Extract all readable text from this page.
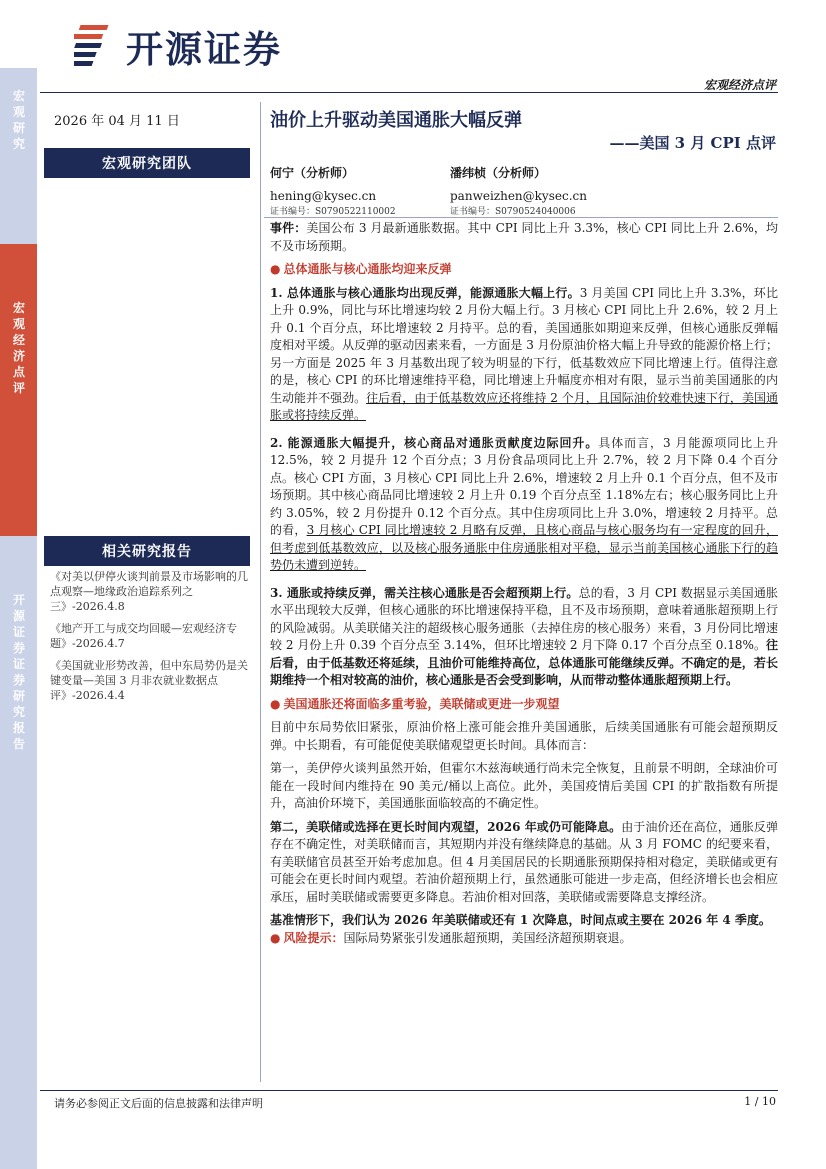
宏观研究
宏观经济点评
开源证券 证券研究报告
开源证券
宏观经济点评
2026 年 04 月 11 日
宏观研究团队
相关研究报告
《对美以伊停火谈判前景及市场影响的几点观察—地缘政治追踪系列之三》-2026.4.8
《地产开工与成交均回暖—宏观经济专题》-2026.4.7
《美国就业形势改善，但中东局势仍是关键变量—美国 3 月非农就业数据点评》-2026.4.4
油价上升驱动美国通胀大幅反弹
——美国 3 月 CPI 点评
何宁（分析师）
hening@kysec.cn
证书编号：S0790522110002
潘纬桢（分析师）
panweizhen@kysec.cn
证书编号：S0790524040006

事件：美国公布 3 月最新通胀数据。其中 CPI 同比上升 3.3%，核心 CPI 同比上升 2.6%，均不及市场预期。

● 总体通胀与核心通胀均迎来反弹

1. 总体通胀与核心通胀均出现反弹，能源通胀大幅上行。3 月美国 CPI 同比上升 3.3%，环比上升 0.9%，同比与环比增速均较 2 月份大幅上行。3 月核心 CPI 同比上升 2.6%，较 2 月上升 0.1 个百分点，环比增速较 2 月持平。总的看，美国通胀如期迎来反弹，但核心通胀反弹幅度相对平缓。从反弹的驱动因素来看，一方面是 3 月份原油价格大幅上升导致的能源价格上行；另一方面是 2025 年 3 月基数出现了较为明显的下行，低基数效应下同比增速上行。值得注意的是，核心 CPI 的环比增速维持平稳，同比增速上升幅度亦相对有限，显示当前美国通胀的内生动能并不强劲。往后看，由于低基数效应还将维持 2 个月，且国际油价较难快速下行，美国通胀或将持续反弹。

2. 能源通胀大幅提升，核心商品对通胀贡献度边际回升。具体而言，3 月能源项同比上升 12.5%，较 2 月提升 12 个百分点；3 月份食品项同比上升 2.7%，较 2 月下降 0.4 个百分点。核心 CPI 方面，3 月核心 CPI 同比上升 2.6%，增速较 2 月上升 0.1 个百分点，但不及市场预期。其中核心商品同比增速较 2 月上升 0.19 个百分点至 1.18%左右；核心服务同比上升约 3.05%，较 2 月份提升 0.12 个百分点。其中住房项同比上升 3.0%，增速较 2 月持平。总的看，3 月核心 CPI 同比增速较 2 月略有反弹，且核心商品与核心服务均有一定程度的回升，但考虑到低基数效应，以及核心服务通胀中住房通胀相对平稳，显示当前美国核心通胀下行的趋势仍未遭到逆转。

3. 通胀或持续反弹，需关注核心通胀是否会超预期上行。总的看，3 月 CPI 数据显示美国通胀水平出现较大反弹，但核心通胀的环比增速保持平稳，且不及市场预期，意味着通胀超预期上行的风险减弱。从美联储关注的超级核心服务通胀（去掉住房的核心服务）来看，3 月份同比增速较 2 月份上升 0.39 个百分点至 3.14%，但环比增速较 2 月下降 0.17 个百分点至 0.18%。往后看，由于低基数还将延续，且油价可能维持高位，总体通胀可能继续反弹。不确定的是，若长期维持一个相对较高的油价，核心通胀是否会受到影响，从而带动整体通胀超预期上行。

● 美国通胀还将面临多重考验，美联储或更进一步观望

目前中东局势依旧紧张，原油价格上涨可能会推升美国通胀，后续美国通胀有可能会超预期反弹。中长期看，有可能促使美联储观望更长时间。具体而言：

第一，美伊停火谈判虽然开始，但霍尔木兹海峡通行尚未完全恢复，且前景不明朗，全球油价可能在一段时间内维持在 90 美元/桶以上高位。此外，美国疫情后美国 CPI 的扩散指数有所提升，高油价环境下，美国通胀面临较高的不确定性。

第二，美联储或选择在更长时间内观望，2026 年或仍可能降息。由于油价还在高位，通胀反弹存在不确定性，对美联储而言，其短期内并没有继续降息的基础。从 3 月 FOMC 的纪要来看，有美联储官员甚至开始考虑加息。但 4 月美国居民的长期通胀预期保持相对稳定，美联储或更有可能会在更长时间内观望。若油价超预期上行，虽然通胀可能进一步走高，但经济增长也会相应承压，届时美联储或需要更多降息。若油价相对回落，美联储或需要降息支撑经济。

基准情形下，我们认为 2026 年美联储或还有 1 次降息，时间点或主要在 2026 年 4 季度。

● 风险提示：国际局势紧张引发通胀超预期，美国经济超预期衰退。

请务必参阅正文后面的信息披露和法律声明	1 / 10
